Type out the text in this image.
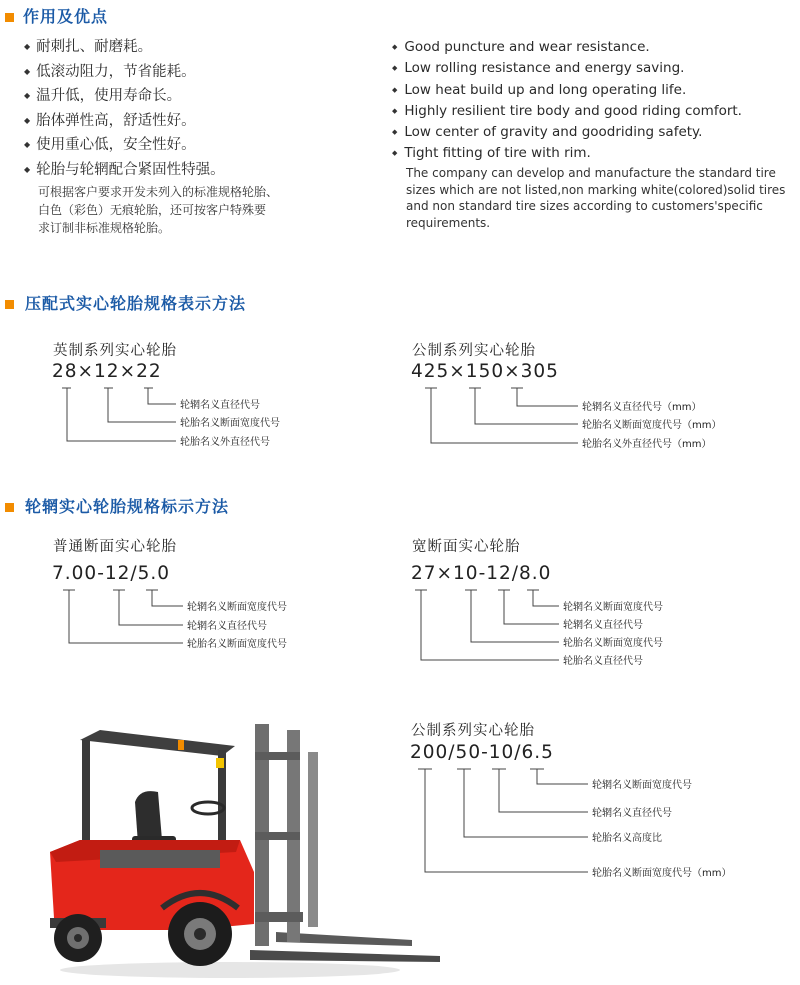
作用及优点
◆ 耐刺扎、耐磨耗。
◆ 低滚动阻力，节省能耗。
◆ 温升低，使用寿命长。
◆ 胎体弹性高，舒适性好。
◆ 使用重心低，安全性好。
◆ 轮胎与轮辋配合紧固性特强。
可根据客户要求开发未列入的标准规格轮胎、
白色（彩色）无痕轮胎，还可按客户特殊要
求订制非标准规格轮胎。
◆ Good puncture and wear resistance.
◆ Low rolling resistance and energy saving.
◆ Low heat build up and long operating life.
◆ Highly resilient tire body and good riding comfort.
◆ Low center of gravity and goodriding safety.
◆ Tight fitting of tire with rim.
The company can develop and manufacture the standard tire
sizes which are not listed,non marking white(colored)solid tires
and non standard tire sizes according to customers'specific
requirements.
压配式实心轮胎规格表示方法
英制系列实心轮胎
28×12×22
公制系列实心轮胎
425×150×305
轮辋实心轮胎规格标示方法
普通断面实心轮胎
7.00-12/5.0
宽断面实心轮胎
27×10-12/8.0
公制系列实心轮胎
200/50-10/6.5
轮辋名义直径代号
轮胎名义断面宽度代号
轮胎名义外直径代号
轮辋名义直径代号（mm）
轮胎名义断面宽度代号（mm）
轮胎名义外直径代号（mm）
轮辋名义断面宽度代号
轮辋名义直径代号
轮胎名义断面宽度代号
轮辋名义断面宽度代号
轮辋名义直径代号
轮胎名义断面宽度代号
轮胎名义直径代号
轮辋名义断面宽度代号
轮辋名义直径代号
轮胎名义高度比
轮胎名义断面宽度代号（mm）
